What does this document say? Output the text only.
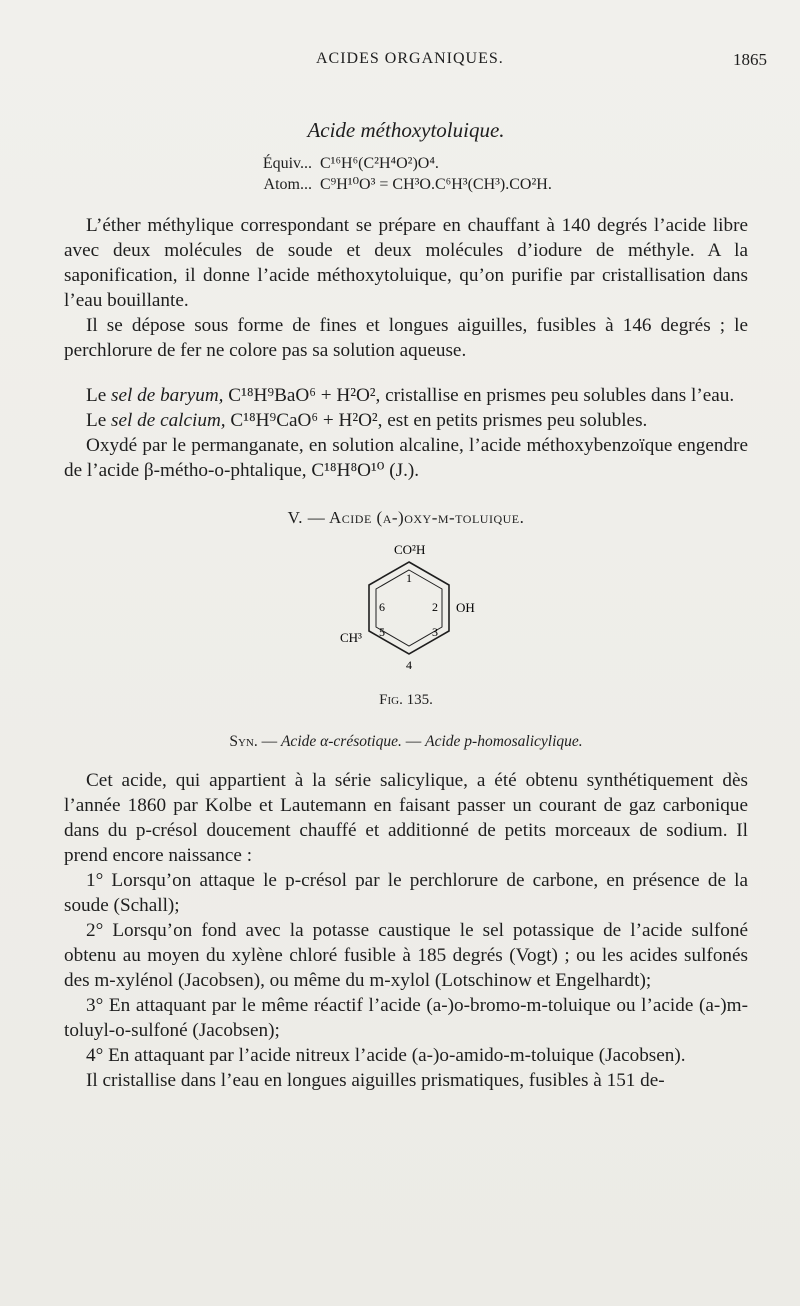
ACIDES ORGANIQUES.	1865

Acide méthoxytoluique.

Équiv... C¹⁶H⁶(C²H⁴O²)O⁴.
Atom... C⁹H¹⁰O³ = CH³O.C⁶H³(CH³).CO²H.

L’éther méthylique correspondant se prépare en chauffant à 140 degrés l’acide libre avec deux molécules de soude et deux molécules d’iodure de méthyle. A la saponification, il donne l’acide méthoxytoluique, qu’on purifie par cristallisation dans l’eau bouillante.

Il se dépose sous forme de fines et longues aiguilles, fusibles à 146 degrés ; le perchlorure de fer ne colore pas sa solution aqueuse.

Le sel de baryum, C¹⁸H⁹BaO⁶ + H²O², cristallise en prismes peu solubles dans l’eau.

Le sel de calcium, C¹⁸H⁹CaO⁶ + H²O², est en petits prismes peu solubles.

Oxydé par le permanganate, en solution alcaline, l’acide méthoxybenzoïque engendre de l’acide β-métho-o-phtalique, C¹⁸H⁸O¹⁰ (J.).

V. — Acide (a-)oxy-m-toluique.

CO²H
OH
CH³
1
2
3
4
5
6

Fig. 135.

Syn. — Acide α-crésotique. — Acide p-homosalicylique.

Cet acide, qui appartient à la série salicylique, a été obtenu synthétiquement dès l’année 1860 par Kolbe et Lautemann en faisant passer un courant de gaz carbonique dans du p-crésol doucement chauffé et additionné de petits morceaux de sodium. Il prend encore naissance :

1° Lorsqu’on attaque le p-crésol par le perchlorure de carbone, en présence de la soude (Schall);

2° Lorsqu’on fond avec la potasse caustique le sel potassique de l’acide sulfoné obtenu au moyen du xylène chloré fusible à 185 degrés (Vogt) ; ou les acides sulfonés des m-xylénol (Jacobsen), ou même du m-xylol (Lotschinow et Engelhardt);

3° En attaquant par le même réactif l’acide (a-)o-bromo-m-toluique ou l’acide (a-)m-toluyl-o-sulfoné (Jacobsen);

4° En attaquant par l’acide nitreux l’acide (a-)o-amido-m-toluique (Jacobsen).

Il cristallise dans l’eau en longues aiguilles prismatiques, fusibles à 151 de-
